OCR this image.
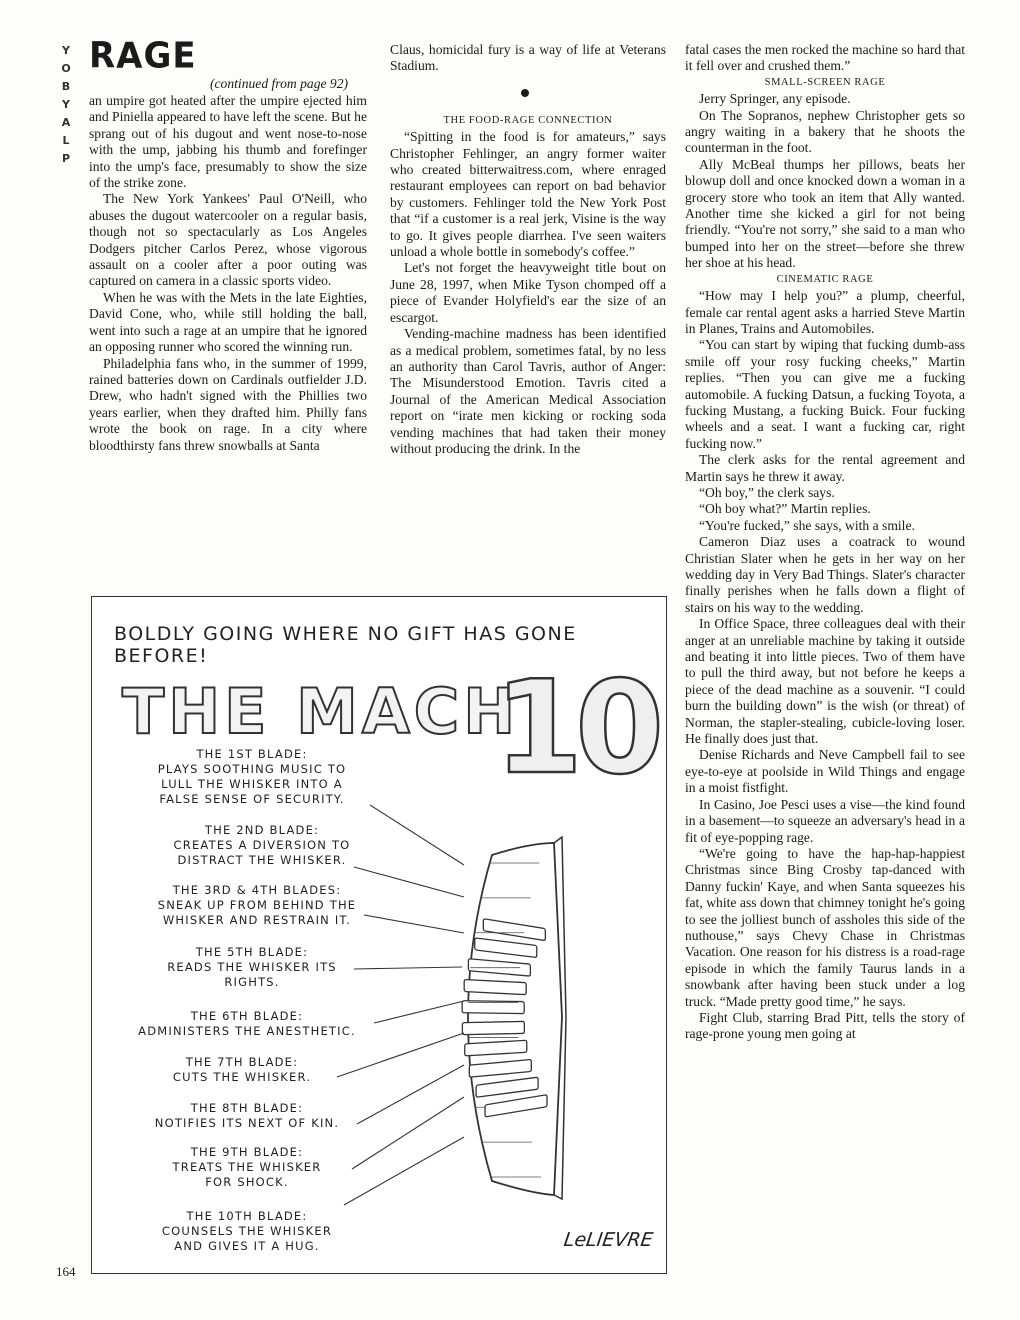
Y
O
B
Y
A
L
P
RAGE
(continued from page 92)

an umpire got heated after the umpire ejected him and Piniella appeared to have left the scene. But he sprang out of his dugout and went nose-to-nose with the ump, jabbing his thumb and forefinger into the ump's face, presumably to show the size of the strike zone.

The New York Yankees' Paul O'Neill, who abuses the dugout watercooler on a regular basis, though not so spectacularly as Los Angeles Dodgers pitcher Carlos Perez, whose vigorous assault on a cooler after a poor outing was captured on camera in a classic sports video.

When he was with the Mets in the late Eighties, David Cone, who, while still holding the ball, went into such a rage at an umpire that he ignored an opposing runner who scored the winning run.

Philadelphia fans who, in the summer of 1999, rained batteries down on Cardinals outfielder J.D. Drew, who hadn't signed with the Phillies two years earlier, when they drafted him. Philly fans wrote the book on rage. In a city where bloodthirsty fans threw snowballs at Santa

Claus, homicidal fury is a way of life at Veterans Stadium.

THE FOOD-RAGE CONNECTION

“Spitting in the food is for amateurs,” says Christopher Fehlinger, an angry former waiter who created bitterwaitress.com, where enraged restaurant employees can report on bad behavior by customers. Fehlinger told the New York Post that “if a customer is a real jerk, Visine is the way to go. It gives people diarrhea. I've seen waiters unload a whole bottle in somebody's coffee.”

Let's not forget the heavyweight title bout on June 28, 1997, when Mike Tyson chomped off a piece of Evander Holyfield's ear the size of an escargot.

Vending-machine madness has been identified as a medical problem, sometimes fatal, by no less an authority than Carol Tavris, author of Anger: The Misunderstood Emotion. Tavris cited a Journal of the American Medical Association report on “irate men kicking or rocking soda vending machines that had taken their money without producing the drink. In the

fatal cases the men rocked the machine so hard that it fell over and crushed them.”

SMALL-SCREEN RAGE

Jerry Springer, any episode.

On The Sopranos, nephew Christopher gets so angry waiting in a bakery that he shoots the counterman in the foot.

Ally McBeal thumps her pillows, beats her blowup doll and once knocked down a woman in a grocery store who took an item that Ally wanted. Another time she kicked a girl for not being friendly. “You're not sorry,” she said to a man who bumped into her on the street—before she threw her shoe at his head.

CINEMATIC RAGE

“How may I help you?” a plump, cheerful, female car rental agent asks a harried Steve Martin in Planes, Trains and Automobiles.

“You can start by wiping that fucking dumb-ass smile off your rosy fucking cheeks,” Martin replies. “Then you can give me a fucking automobile. A fucking Datsun, a fucking Toyota, a fucking Mustang, a fucking Buick. Four fucking wheels and a seat. I want a fucking car, right fucking now.”

The clerk asks for the rental agreement and Martin says he threw it away.

“Oh boy,” the clerk says.

“Oh boy what?” Martin replies.

“You're fucked,” she says, with a smile.

Cameron Diaz uses a coatrack to wound Christian Slater when he gets in her way on her wedding day in Very Bad Things. Slater's character finally perishes when he falls down a flight of stairs on his way to the wedding.

In Office Space, three colleagues deal with their anger at an unreliable machine by taking it outside and beating it into little pieces. Two of them have to pull the third away, but not before he keeps a piece of the dead machine as a souvenir. “I could burn the building down” is the wish (or threat) of Norman, the stapler-stealing, cubicle-loving loser. He finally does just that.

Denise Richards and Neve Campbell fail to see eye-to-eye at poolside in Wild Things and engage in a moist fistfight.

In Casino, Joe Pesci uses a vise—the kind found in a basement—to squeeze an adversary's head in a fit of eye-popping rage.

“We're going to have the hap-hap-happiest Christmas since Bing Crosby tap-danced with Danny fuckin' Kaye, and when Santa squeezes his fat, white ass down that chimney tonight he's going to see the jolliest bunch of assholes this side of the nuthouse,” says Chevy Chase in Christmas Vacation. One reason for his distress is a road-rage episode in which the family Taurus lands in a snowbank after having been stuck under a log truck. “Made pretty good time,” he says.

Fight Club, starring Brad Pitt, tells the story of rage-prone young men going at

BOLDLY GOING WHERE NO GIFT HAS GONE BEFORE!
THE MACH
10
THE 1ST BLADE:
PLAYS SOOTHING MUSIC TO
LULL THE WHISKER INTO A
FALSE SENSE OF SECURITY.
THE 2ND BLADE:
CREATES A DIVERSION TO
DISTRACT THE WHISKER.
THE 3RD & 4TH BLADES:
SNEAK UP FROM BEHIND THE
WHISKER AND RESTRAIN IT.
THE 5TH BLADE:
READS THE WHISKER ITS
RIGHTS.
THE 6TH BLADE:
ADMINISTERS THE ANESTHETIC.
THE 7TH BLADE:
CUTS THE WHISKER.
THE 8TH BLADE:
NOTIFIES ITS NEXT OF KIN.
THE 9TH BLADE:
TREATS THE WHISKER
FOR SHOCK.
THE 10TH BLADE:
COUNSELS THE WHISKER
AND GIVES IT A HUG.	LeLIEVRE
164
